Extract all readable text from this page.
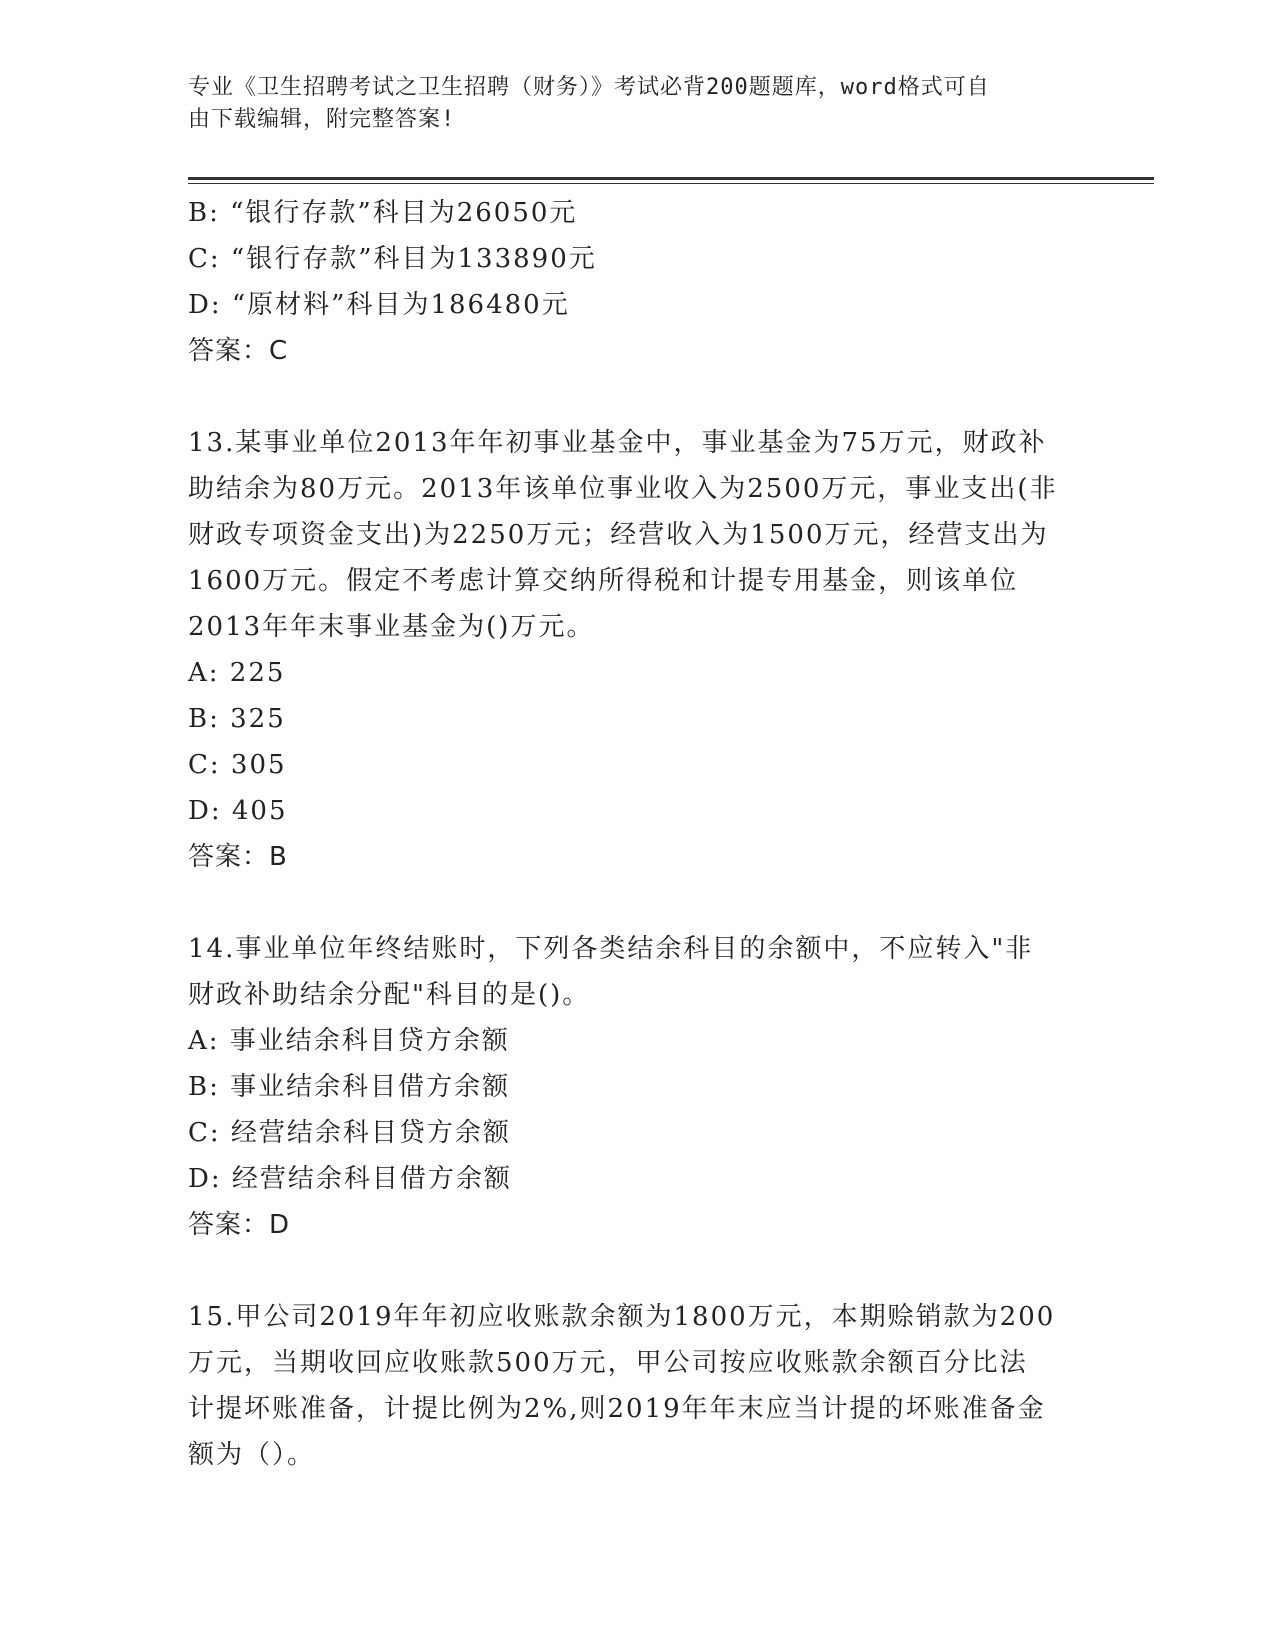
专业《卫生招聘考试之卫生招聘（财务）》考试必背200题题库，word格式可自
由下载编辑，附完整答案!
B: “银行存款”科目为26050元
C: “银行存款”科目为133890元
D: “原材料”科目为186480元
答案：C
13.某事业单位2013年年初事业基金中，事业基金为75万元，财政补
助结余为80万元。2013年该单位事业收入为2500万元，事业支出(非
财政专项资金支出)为2250万元；经营收入为1500万元，经营支出为
1600万元。假定不考虑计算交纳所得税和计提专用基金，则该单位
2013年年末事业基金为()万元。
A: 225
B: 325
C: 305
D: 405
答案：B
14.事业单位年终结账时，下列各类结余科目的余额中，不应转入"非
财政补助结余分配"科目的是()。
A: 事业结余科目贷方余额
B: 事业结余科目借方余额
C: 经营结余科目贷方余额
D: 经营结余科目借方余额
答案：D
15.甲公司2019年年初应收账款余额为1800万元，本期赊销款为200
万元，当期收回应收账款500万元，甲公司按应收账款余额百分比法
计提坏账准备，计提比例为2%,则2019年年末应当计提的坏账准备金
额为（）。
